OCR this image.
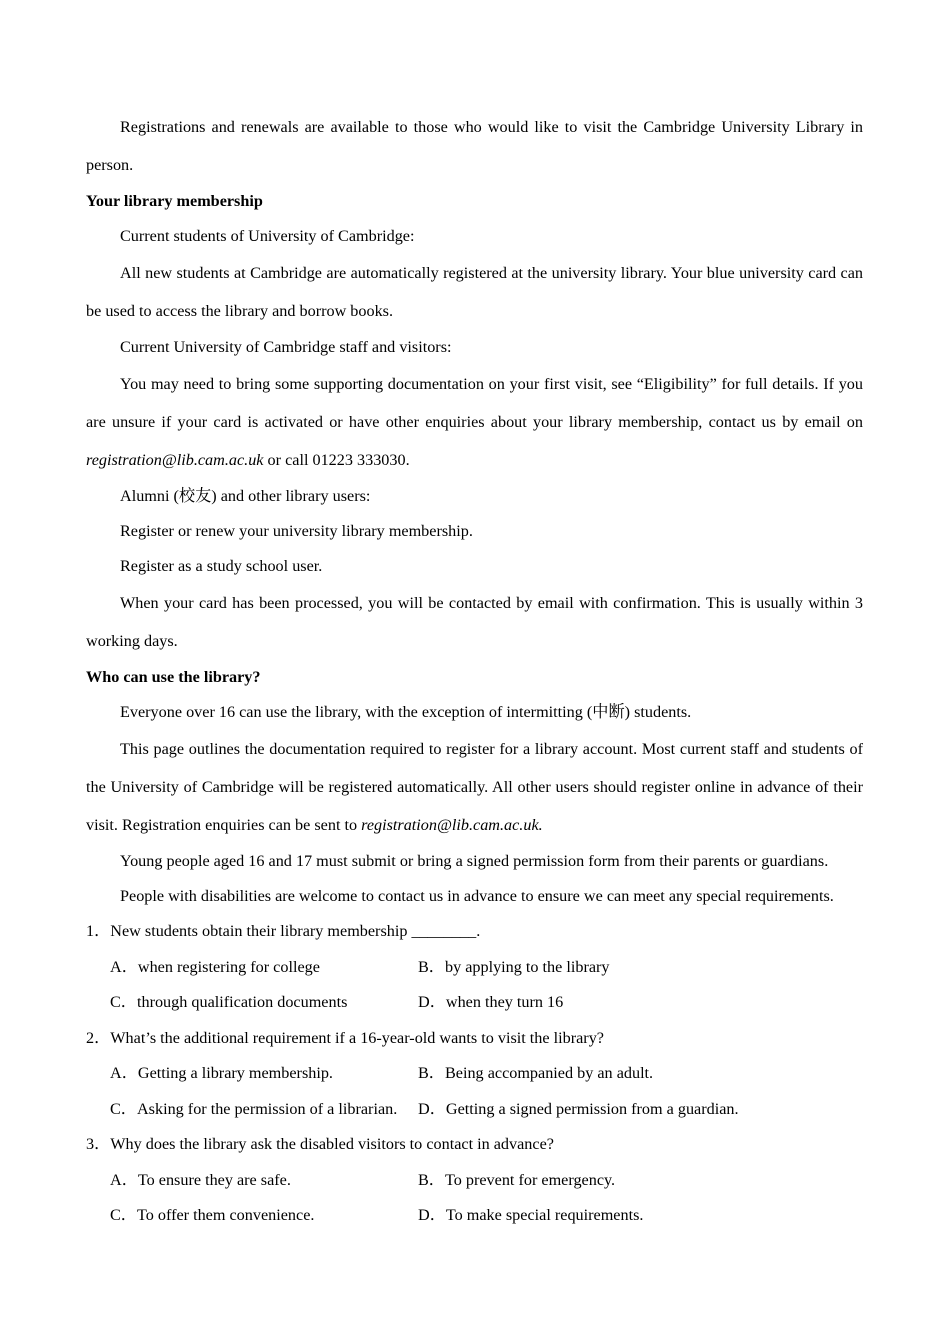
Registrations and renewals are available to those who would like to visit the Cambridge University Library in person.

Your library membership

Current students of University of Cambridge:

All new students at Cambridge are automatically registered at the university library. Your blue university card can be used to access the library and borrow books.

Current University of Cambridge staff and visitors:

You may need to bring some supporting documentation on your first visit, see “Eligibility” for full details. If you are unsure if your card is activated or have other enquiries about your library membership, contact us by email on registration@lib.cam.ac.uk or call 01223 333030.

Alumni (校友) and other library users:

Register or renew your university library membership.

Register as a study school user.

When your card has been processed, you will be contacted by email with confirmation. This is usually within 3 working days.

Who can use the library?

Everyone over 16 can use the library, with the exception of intermitting (中断) students.

This page outlines the documentation required to register for a library account. Most current staff and students of the University of Cambridge will be registered automatically. All other users should register online in advance of their visit. Registration enquiries can be sent to registration@lib.cam.ac.uk.

Young people aged 16 and 17 must submit or bring a signed permission form from their parents or guardians.

People with disabilities are welcome to contact us in advance to ensure we can meet any special requirements.

1．New students obtain their library membership ________.
A．when registering for college	B．by applying to the library
C．through qualification documents	D．when they turn 16
2．What’s the additional requirement if a 16-year-old wants to visit the library?
A．Getting a library membership.	B．Being accompanied by an adult.
C．Asking for the permission of a librarian.	D．Getting a signed permission from a guardian.
3．Why does the library ask the disabled visitors to contact in advance?
A．To ensure they are safe.	B．To prevent for emergency.
C．To offer them convenience.	D．To make special requirements.
